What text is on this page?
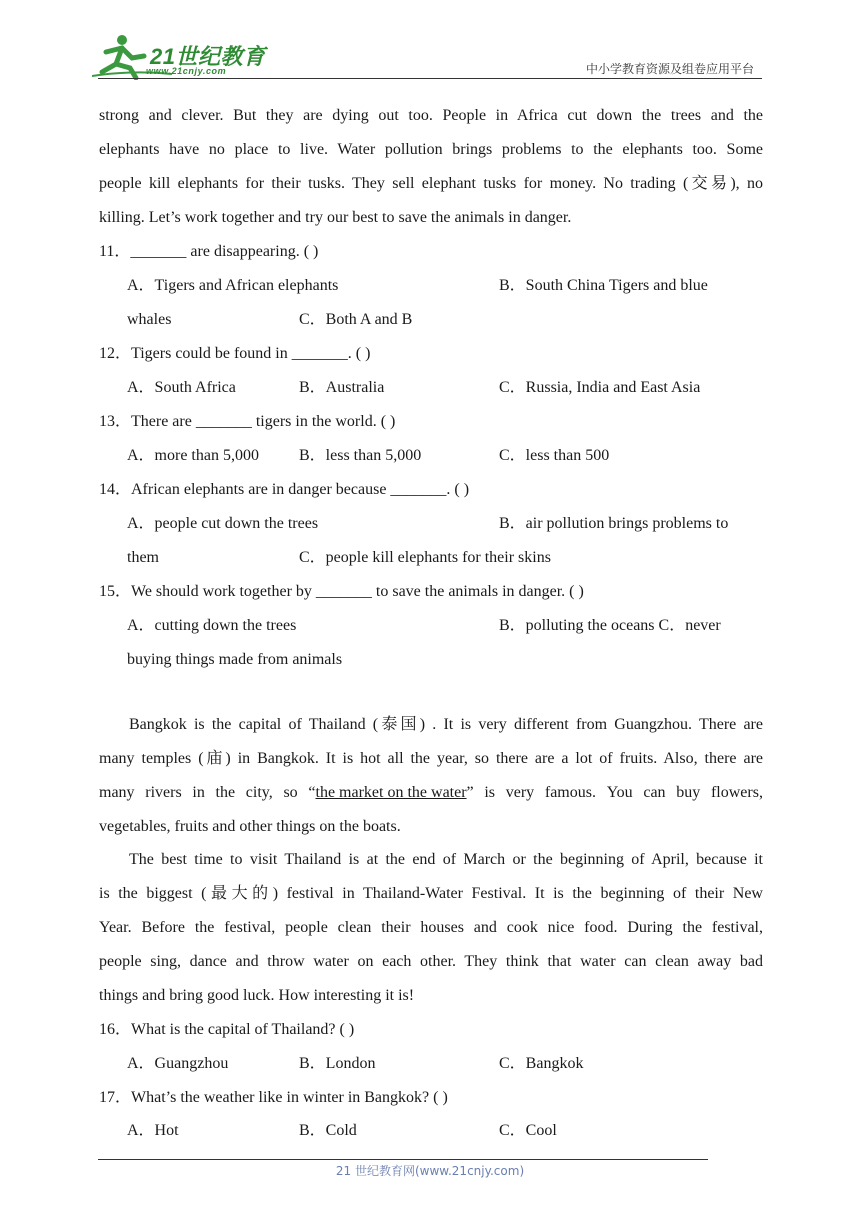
21世纪教育
www.21cnjy.com	中小学教育资源及组卷应用平台
strong and clever. But they are dying out too. People in Africa cut down the trees and the
elephants have no place to live. Water pollution brings problems to the elephants too. Some
people kill elephants for their tusks. They sell elephant tusks for money. No trading (交易), no
killing. Let’s work together and try our best to save the animals in danger.
11．_______ are disappearing. ( )
A．Tigers and African elephants	B．South China Tigers and blue
whales	C．Both A and B
12．Tigers could be found in _______. ( )
A．South Africa	B．Australia	C．Russia, India and East Asia
13．There are _______ tigers in the world. ( )
A．more than 5,000	B．less than 5,000	C．less than 500
14．African elephants are in danger because _______. ( )
A．people cut down the trees	B．air pollution brings problems to
them	C．people kill elephants for their skins
15．We should work together by _______ to save the animals in danger. ( )
A．cutting down the trees	B．polluting the oceans C．never
buying things made from animals
Bangkok is the capital of Thailand (泰国) . It is very different from Guangzhou. There are
many temples (庙) in Bangkok. It is hot all the year, so there are a lot of fruits. Also, there are
many rivers in the city, so “the market on the water” is very famous. You can buy flowers,
vegetables, fruits and other things on the boats.
The best time to visit Thailand is at the end of March or the beginning of April, because it
is the biggest (最大的) festival in Thailand-Water Festival. It is the beginning of their New
Year. Before the festival, people clean their houses and cook nice food. During the festival,
people sing, dance and throw water on each other. They think that water can clean away bad
things and bring good luck. How interesting it is!
16．What is the capital of Thailand? ( )
A．Guangzhou	B．London	C．Bangkok
17．What’s the weather like in winter in Bangkok? ( )
A．Hot	B．Cold	C．Cool
21 世纪教育网(www.21cnjy.com)
